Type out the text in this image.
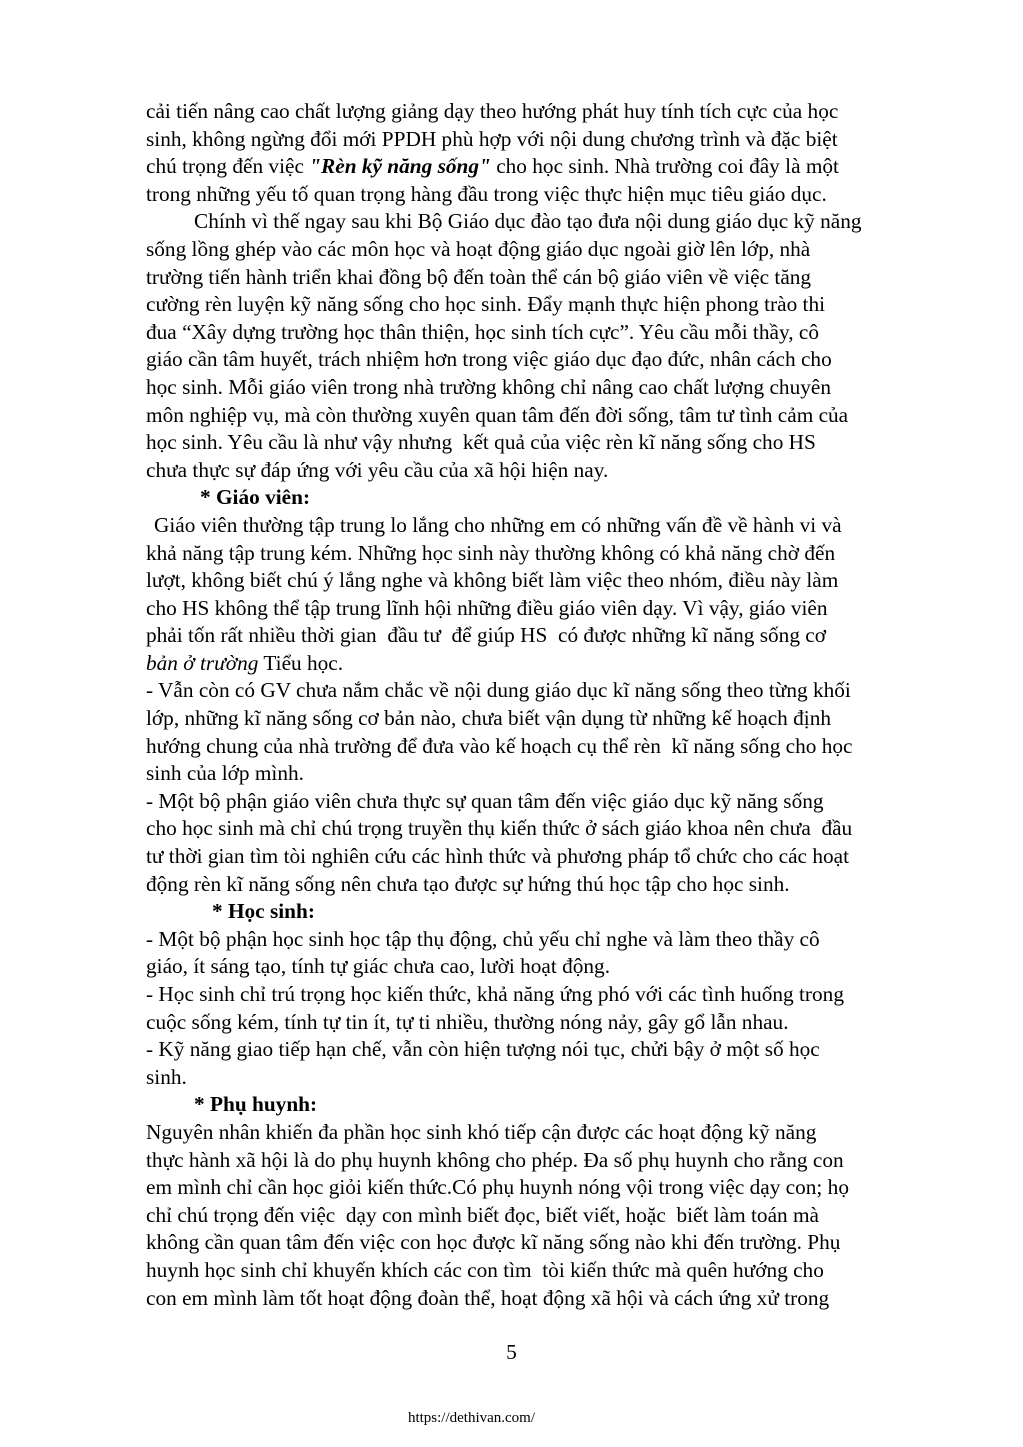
cải tiến nâng cao chất lượng giảng dạy theo hướng phát huy tính tích cực của học
sinh, không ngừng đổi mới PPDH phù hợp với nội dung chương trình và đặc biệt
chú trọng đến việc "Rèn kỹ năng sống" cho học sinh. Nhà trường coi đây là một
trong những yếu tố quan trọng hàng đầu trong việc thực hiện mục tiêu giáo dục.
Chính vì thế ngay sau khi Bộ Giáo dục đào tạo đưa nội dung giáo dục kỹ năng
sống lồng ghép vào các môn học và hoạt động giáo dục ngoài giờ lên lớp, nhà
trường tiến hành triển khai đồng bộ đến toàn thể cán bộ giáo viên về việc tăng
cường rèn luyện kỹ năng sống cho học sinh. Đẩy mạnh thực hiện phong trào thi
đua “Xây dựng trường học thân thiện, học sinh tích cực”. Yêu cầu mỗi thầy, cô
giáo cần tâm huyết, trách nhiệm hơn trong việc giáo dục đạo đức, nhân cách cho
học sinh. Mỗi giáo viên trong nhà trường không chỉ nâng cao chất lượng chuyên
môn nghiệp vụ, mà còn thường xuyên quan tâm đến đời sống, tâm tư tình cảm của
học sinh. Yêu cầu là như vậy nhưng  kết quả của việc rèn kĩ năng sống cho HS
chưa thực sự đáp ứng với yêu cầu của xã hội hiện nay.
* Giáo viên:
Giáo viên thường tập trung lo lắng cho những em có những vấn đề về hành vi và
khả năng tập trung kém. Những học sinh này thường không có khả năng chờ đến
lượt, không biết chú ý lắng nghe và không biết làm việc theo nhóm, điều này làm
cho HS không thể tập trung lĩnh hội những điều giáo viên dạy. Vì vậy, giáo viên
phải tốn rất nhiều thời gian  đầu tư  để giúp HS  có được những kĩ năng sống cơ
bản ở trường Tiểu học.
- Vẫn còn có GV chưa nắm chắc về nội dung giáo dục kĩ năng sống theo từng khối
lớp, những kĩ năng sống cơ bản nào, chưa biết vận dụng từ những kế hoạch định
hướng chung của nhà trường để đưa vào kế hoạch cụ thể rèn  kĩ năng sống cho học
sinh của lớp mình.
- Một bộ phận giáo viên chưa thực sự quan tâm đến việc giáo dục kỹ năng sống
cho học sinh mà chỉ chú trọng truyền thụ kiến thức ở sách giáo khoa nên chưa  đầu
tư thời gian tìm tòi nghiên cứu các hình thức và phương pháp tổ chức cho các hoạt
động rèn kĩ năng sống nên chưa tạo được sự hứng thú học tập cho học sinh.
* Học sinh:
- Một bộ phận học sinh học tập thụ động, chủ yếu chỉ nghe và làm theo thầy cô
giáo, ít sáng tạo, tính tự giác chưa cao, lười hoạt động.
- Học sinh chỉ trú trọng học kiến thức, khả năng ứng phó với các tình huống trong
cuộc sống kém, tính tự tin ít, tự ti nhiều, thường nóng nảy, gây gổ lẫn nhau.
- Kỹ năng giao tiếp hạn chế, vẫn còn hiện tượng nói tục, chửi bậy ở một số học
sinh.
* Phụ huynh:
Nguyên nhân khiến đa phần học sinh khó tiếp cận được các hoạt động kỹ năng
thực hành xã hội là do phụ huynh không cho phép. Đa số phụ huynh cho rằng con
em mình chỉ cần học giỏi kiến thức.Có phụ huynh nóng vội trong việc dạy con; họ
chỉ chú trọng đến việc  dạy con mình biết đọc, biết viết, hoặc  biết làm toán mà
không cần quan tâm đến việc con học được kĩ năng sống nào khi đến trường. Phụ
huynh học sinh chỉ khuyến khích các con tìm  tòi kiến thức mà quên hướng cho
con em mình làm tốt hoạt động đoàn thể, hoạt động xã hội và cách ứng xử trong
5
https://dethivan.com/
